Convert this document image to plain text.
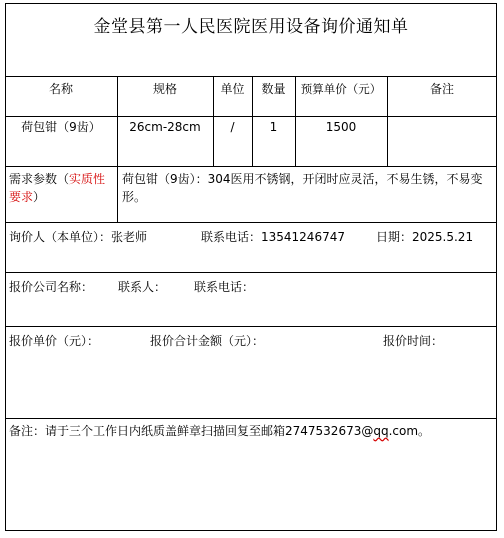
金堂县第一人民医院医用设备询价通知单
名称	规格	单位	数量	预算单价（元）	备注
荷包钳（9齿）	26cm-28cm	/	1	1500
需求参数（实质性要求）
荷包钳（9齿）：304医用不锈钢，开闭时应灵活，不易生锈，不易变形。
询价人（本单位）：张老师	联系电话：13541246747	日期：2025.5.21
报价公司名称：	联系人：	联系电话：
报价单价（元）：	报价合计金额（元）：	报价时间：
备注：请于三个工作日内纸质盖鲜章扫描回复至邮箱2747532673@qq.com。
